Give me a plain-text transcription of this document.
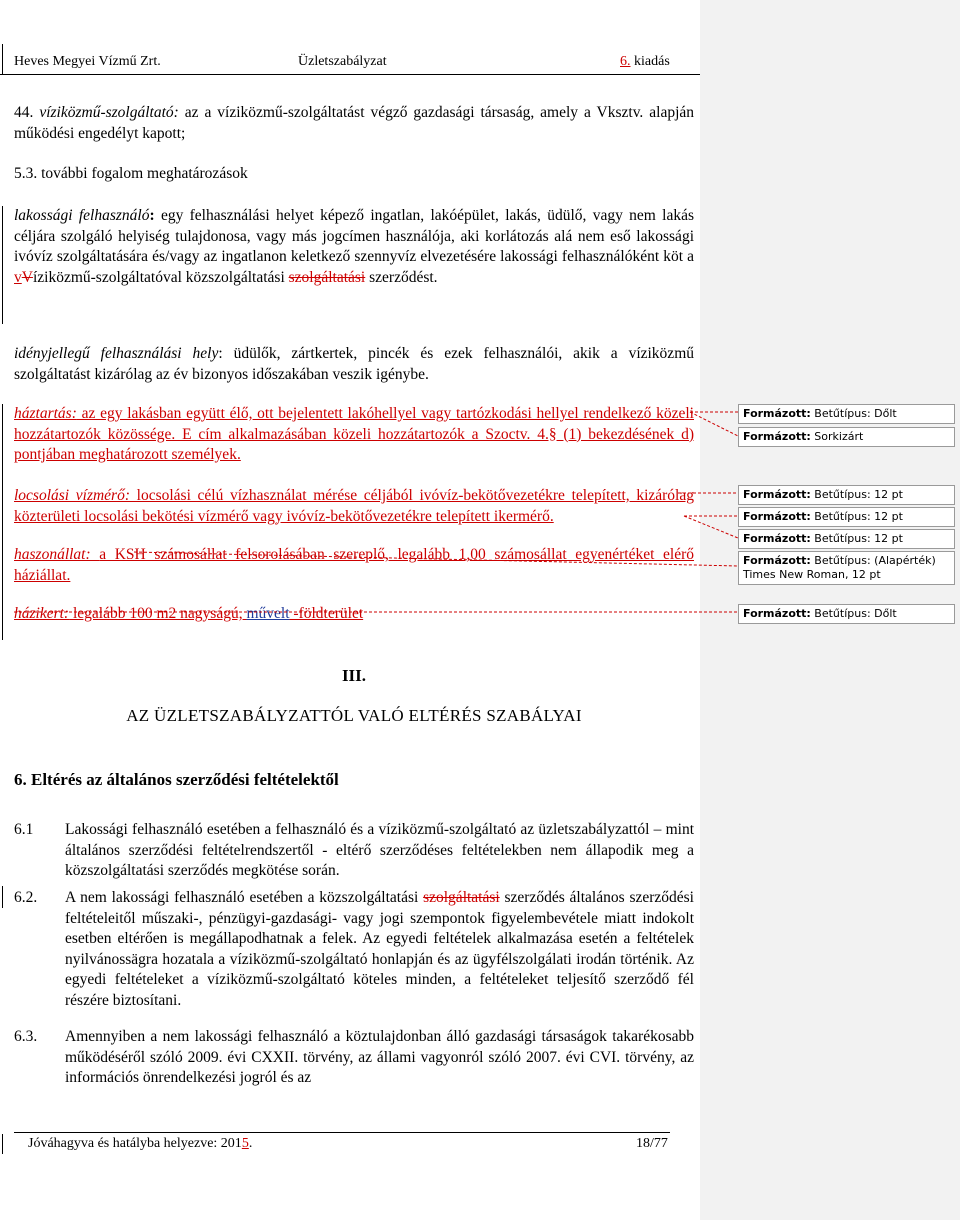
Heves Megyei Vízmű Zrt.	Üzletszabályzat	6. kiadás
44. víziközmű-szolgáltató: az a víziközmű-szolgáltatást végző gazdasági társaság, amely a Vksztv. alapján működési engedélyt kapott;
5.3. további fogalom meghatározások
lakossági felhasználó: egy felhasználási helyet képező ingatlan, lakóépület, lakás, üdülő, vagy nem lakás céljára szolgáló helyiség tulajdonosa, vagy más jogcímen használója, aki korlátozás alá nem eső lakossági ivóvíz szolgáltatására és/vagy az ingatlanon keletkező szennyvíz elvezetésére lakossági felhasználóként köt a vVíziközmű-szolgáltatóval közszolgáltatási szolgáltatási szerződést.
idényjellegű felhasználási hely: üdülők, zártkertek, pincék és ezek felhasználói, akik a víziközmű szolgáltatást kizárólag az év bizonyos időszakában veszik igénybe.
háztartás: az egy lakásban együtt élő, ott bejelentett lakóhellyel vagy tartózkodási hellyel rendelkező közeli hozzátartozók közössége. E cím alkalmazásában közeli hozzátartozók a Szoctv. 4.§ (1) bekezdésének d) pontjában meghatározott személyek.
locsolási vízmérő: locsolási célú vízhasználat mérése céljából ivóvíz-bekötővezetékre telepített, kizárólag közterületi locsolási bekötési vízmérő vagy ivóvíz-bekötővezetékre telepített ikermérő.
haszonállat: a KSH számosállat felsorolásában szereplő, legalább 1,00 számosállat egyenértéket elérő háziállat.
házikert: legalább 100 m2 nagyságú, művelt -földterület
III.
AZ ÜZLETSZABÁLYZATTÓL VALÓ ELTÉRÉS SZABÁLYAI
6. Eltérés az általános szerződési feltételektől
6.1 Lakossági felhasználó esetében a felhasználó és a víziközmű-szolgáltató az üzletszabályzattól – mint általános szerződési feltételrendszertől - eltérő szerződéses feltételekben nem állapodik meg a közszolgáltatási szerződés megkötése során.
6.2. A nem lakossági felhasználó esetében a közszolgáltatási szolgáltatási szerződés általános szerződési feltételeitől műszaki-, pénzügyi-gazdasági- vagy jogi szempontok figyelembevétele miatt indokolt esetben eltérően is megállapodhatnak a felek. Az egyedi feltételek alkalmazása esetén a feltételek nyilvánossägra hozatala a víziközmű-szolgáltató honlapján és az ügyfélszolgálati irodán történik. Az egyedi feltételeket a víziközmű-szolgáltató köteles minden, a feltételeket teljesítő szerződő fél részére biztosítani.
6.3. Amennyiben a nem lakossági felhasználó a köztulajdonban álló gazdasági társaságok takarékosabb működéséről szóló 2009. évi CXXII. törvény, az állami vagyonról szóló 2007. évi CVI. törvény, az információs önrendelkezési jogról és az
Jóváhagyva és hatályba helyezve: 2015.	18/77
Formázott: Betűtípus: Dőlt
Formázott: Sorkizárt
Formázott: Betűtípus: 12 pt
Formázott: Betűtípus: 12 pt
Formázott: Betűtípus: 12 pt
Formázott: Betűtípus: (Alapérték) Times New Roman, 12 pt
Formázott: Betűtípus: Dőlt
